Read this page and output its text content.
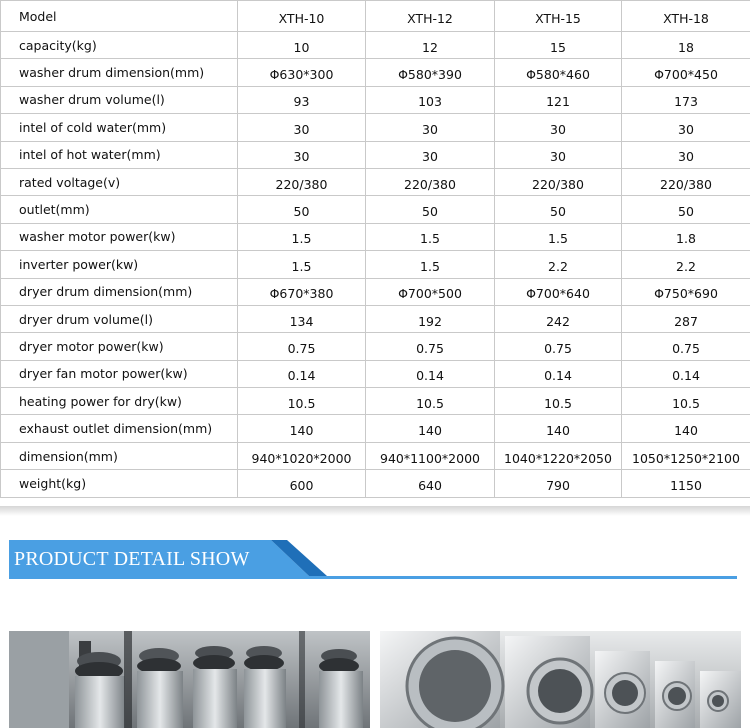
Model	XTH-10	XTH-12	XTH-15	XTH-18
capacity(kg)	10	12	15	18
washer drum dimension(mm)	Φ630*300	Φ580*390	Φ580*460	Φ700*450
washer drum volume(l)	93	103	121	173
intel of cold water(mm)	30	30	30	30
intel of hot water(mm)	30	30	30	30
rated voltage(v)	220/380	220/380	220/380	220/380
outlet(mm)	50	50	50	50
washer motor power(kw)	1.5	1.5	1.5	1.8
inverter power(kw)	1.5	1.5	2.2	2.2
dryer drum dimension(mm)	Φ670*380	Φ700*500	Φ700*640	Φ750*690
dryer drum volume(l)	134	192	242	287
dryer motor power(kw)	0.75	0.75	0.75	0.75
dryer fan motor power(kw)	0.14	0.14	0.14	0.14
heating power for dry(kw)	10.5	10.5	10.5	10.5
exhaust outlet dimension(mm)	140	140	140	140
dimension(mm)	940*1020*2000	940*1100*2000	1040*1220*2050	1050*1250*2100
weight(kg)	600	640	790	1150
PRODUCT DETAIL SHOW
